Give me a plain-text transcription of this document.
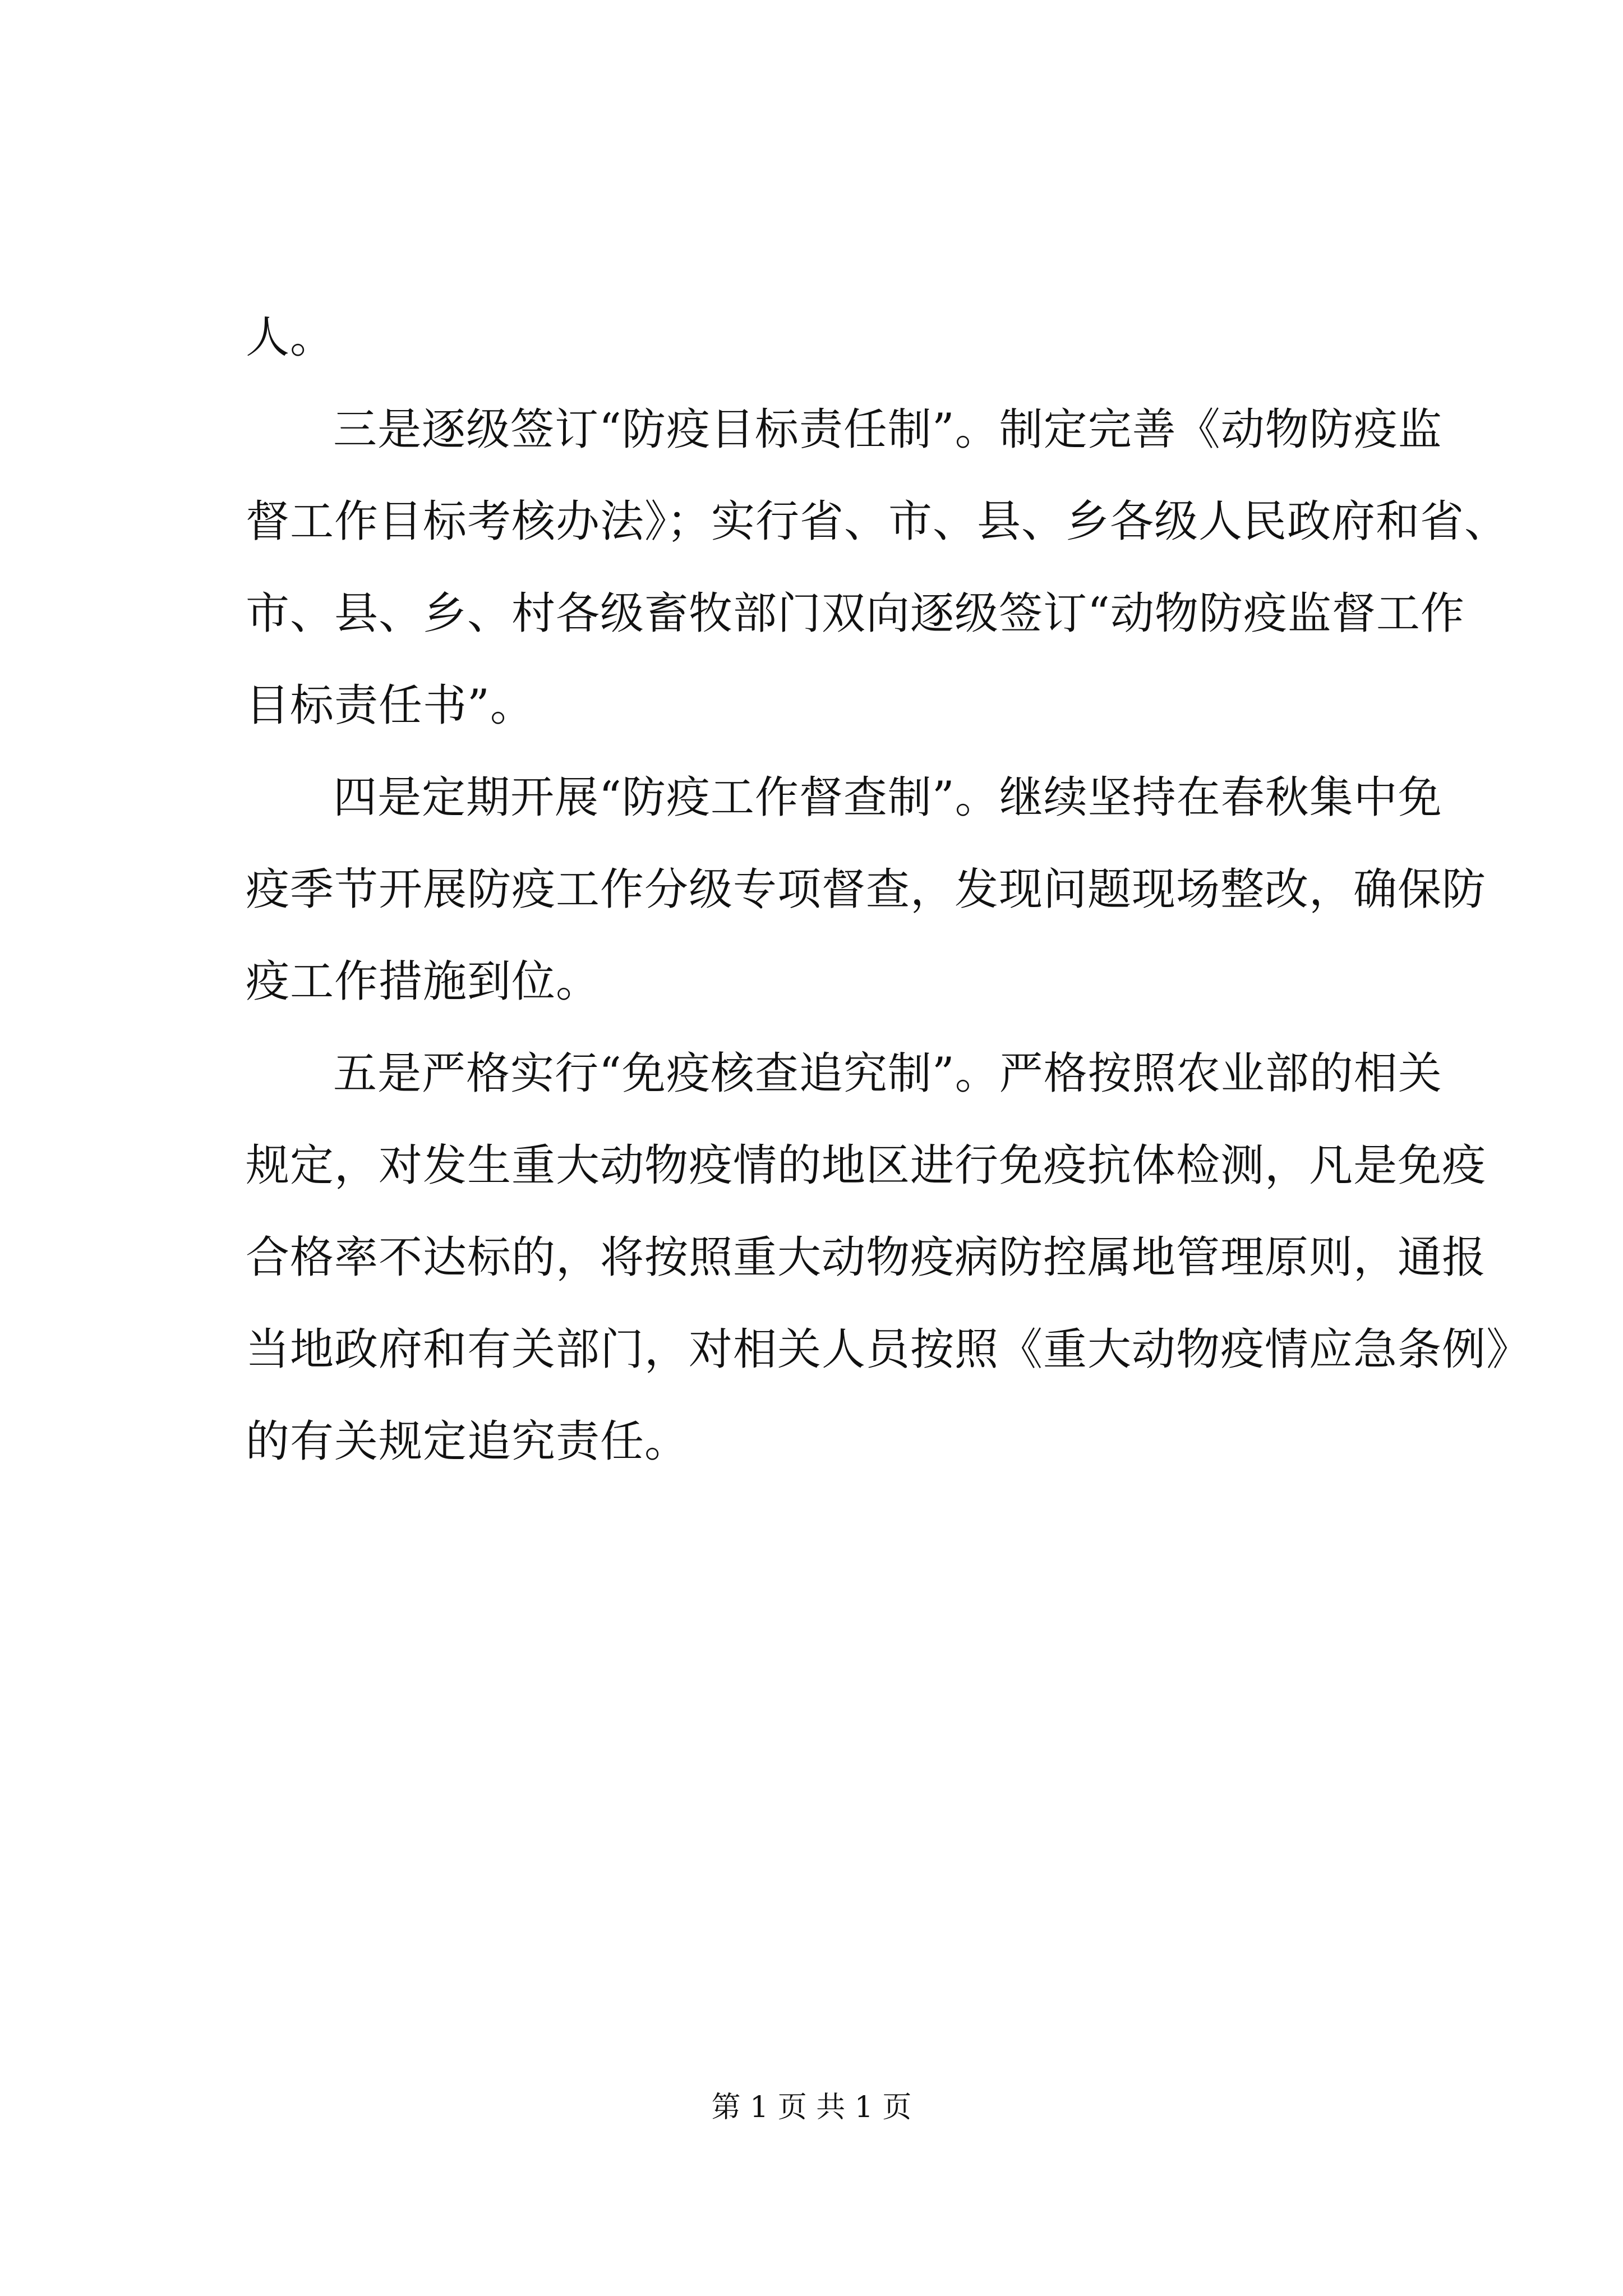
人。
三是逐级签订“防疫目标责任制”。制定完善《动物防疫监
督工作目标考核办法》；实行省、市、县、乡各级人民政府和省、
市、县、乡、村各级畜牧部门双向逐级签订“动物防疫监督工作
目标责任书”。
四是定期开展“防疫工作督查制”。继续坚持在春秋集中免
疫季节开展防疫工作分级专项督查，发现问题现场整改，确保防
疫工作措施到位。
五是严格实行“免疫核查追究制”。严格按照农业部的相关
规定，对发生重大动物疫情的地区进行免疫抗体检测，凡是免疫
合格率不达标的，将按照重大动物疫病防控属地管理原则，通报
当地政府和有关部门，对相关人员按照《重大动物疫情应急条例》
的有关规定追究责任。
第 1 页 共 1 页
